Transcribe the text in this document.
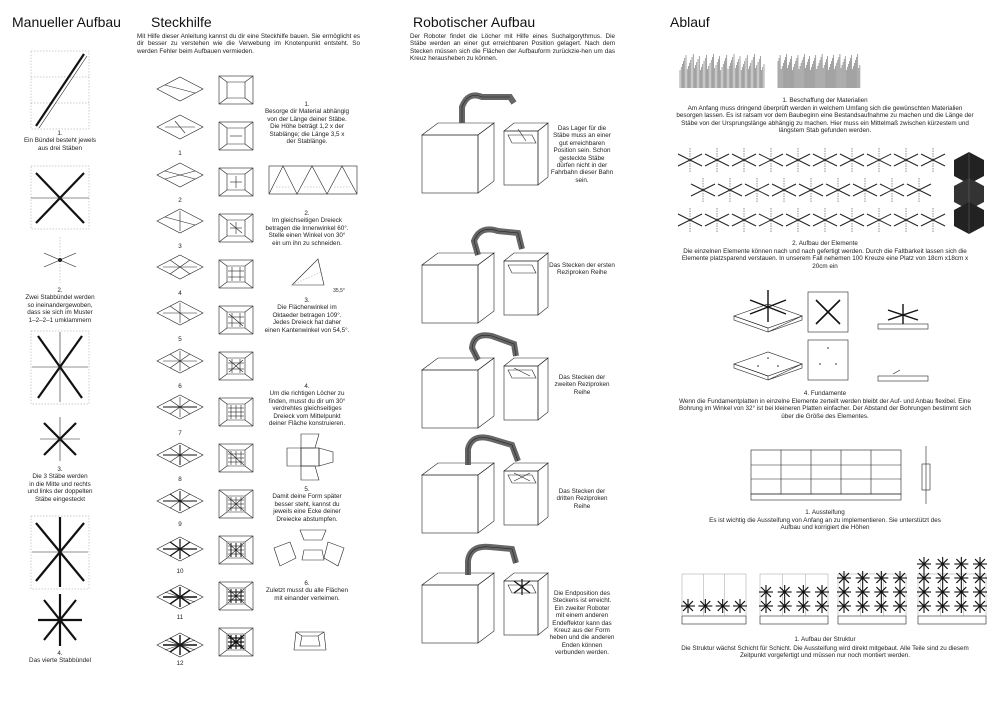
Manueller Aufbau
1.
Ein Bündel besteht jewels
aus drei Stäben
2.
Zwei Stabbündel werden
so ineinandergewoben,
dass sie sich im Muster
1–2–2–1 umklammern
3.
Die 3 Stäbe werden
in die Mitte und rechts
und links der doppelten
Stäbe eingesteckt
4.
Das vierte Stabbündel
Steckhilfe
Mit Hilfe dieser Anleitung kannst du dir eine Steckhilfe bauen. Sie ermöglicht es dir besser zu verstehen wie die Verwebung im Knotenpunkt entsteht. So werden Fehler beim Aufbauen vermieden.
1
2
3
4
5
6
7
8
9
10
11
12
1.
Besorge dir Material abhängig
von der Länge deiner Stäbe.
Die Höhe beträgt 1,2 x der
Stablänge; die Länge 3,5 x
der Stablänge.
2.
Im gleichseitigen Dreieck
betragen die Innenwinkel 60°.
Stelle einen Winkel von 30°
ein um ihn zu schneiden.
35,5°
3.
Die Flächenwinkel im
Oktaeder betragen 109°.
Jedes Dreieck hat daher
einen Kantenwinkel von 54,5°.
4.
Um die richtigen Löcher zu
finden, musst du dir um 30°
verdrehtes gleichseitiges
Dreieck vom Mittelpunkt
deiner Fläche konstruieren.
5.
Damit deine Form später
besser steht, kannst du
jeweils eine Ecke deiner
Dreiecke abstumpfen.
6.
Zuletzt musst du alle Flächen
mit einander verleimen.
Robotischer Aufbau
Der Roboter findet die Löcher mit Hilfe eines Suchalgorythmus. Die Stäbe werden an einer gut erreichbaren Position gelagert. Nach dem Stecken müssen sich die Flächen der Aufbauform zurückzie-hen um das Kreuz herausheben zu können.
Das Lager für die
Stäbe muss an einer
gut erreichbaren
Position sein. Schon
gesteckte Stäbe
dürfen nicht in der
Fahrbahn dieser Bahn
sein.
Das Stecken der ersten
Reziproken Reihe
Das Stecken der
zweiten Reziproken
Reihe
Das Stecken der
dritten Reziproken
Reihe
Die Endposition des
Steckens ist erreicht.
Ein zweiter Roboter
mit einem anderen
Endeffektor kann das
Kreuz aus der Form
heben und die anderen
Enden können
verbunden werden.
Ablauf
1. Beschaffung der Materialien
Am Anfang muss dringend überprüft werden in welchem Umfang sich die gewünschten Materialien besorgen lassen. Es ist ratsam vor dem Baubeginn eine Bestandsaufnahme zu machen und die Länge der Stäbe von der Ursprungslänge abhängig zu machen. Hier muss ein Mittelmaß zwischen kürzestem und längstem Stab gefunden werden.
2. Aufbau der Elemente
Die einzelnen Elemente können nach und nach gefertigt werden. Durch die Faltbarkeit lassen sich die Elemente platzsparend verstauen. In unserem Fall nehemen 100 Kreuze eine Platz von 18cm x18cm x 20cm ein
4. Fundamente
Wenn die Fundamentplatten in einzelne Elemente zerteilt werden bleibt der Auf- und Anbau flexibel. Eine Bohrung im Winkel von 32° ist bei kleineren Platten einfacher. Der Abstand der Bohrungen bestimmt sich über die Größe des Elementes.
1. Aussteifung
Es ist wichtig die Aussteifung von Anfang an zu implementieren. Sie unterstützt des Aufbau und korrigiert die Höhen
1. Aufbau der Struktur
Die Struktur wächst Schicht für Schicht. Die Aussteifung wird direkt mitgebaut. Alle Teile sind zu diesem Zeitpunkt vorgefertigt und müssen nur noch montiert werden.
